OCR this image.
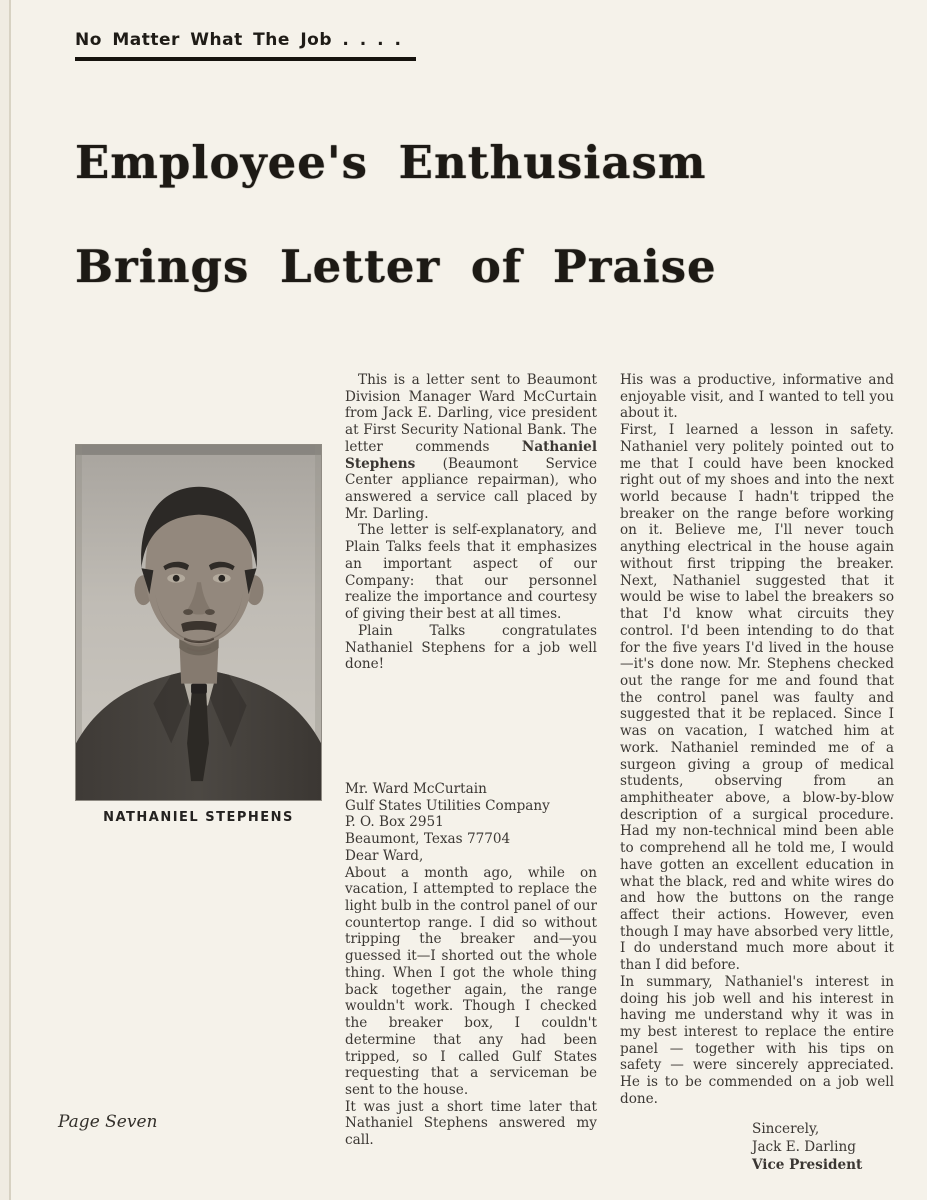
No Matter What The Job . . . .
Employee's Enthusiasm
Brings Letter of Praise
NATHANIEL STEPHENS

This is a letter sent to Beaumont Division Manager Ward McCurtain from Jack E. Darling, vice president at First Security National Bank. The letter commends Nathaniel Stephens (Beaumont Service Center appliance repairman), who answered a service call placed by Mr. Darling.

The letter is self-explanatory, and Plain Talks feels that it emphasizes an important aspect of our Company: that our personnel realize the importance and courtesy of giving their best at all times.

Plain Talks congratulates Nathaniel Stephens for a job well done!

Mr. Ward McCurtain
Gulf States Utilities Company
P. O. Box 2951
Beaumont, Texas 77704
Dear Ward,

About a month ago, while on vacation, I attempted to replace the light bulb in the control panel of our countertop range. I did so without tripping the breaker and—you guessed it—I shorted out the whole thing. When I got the whole thing back together again, the range wouldn't work. Though I checked the breaker box, I couldn't determine that any had been tripped, so I called Gulf States requesting that a serviceman be sent to the house.

It was just a short time later that Nathaniel Stephens answered my call.

His was a productive, informative and enjoyable visit, and I wanted to tell you about it.

First, I learned a lesson in safety. Nathaniel very politely pointed out to me that I could have been knocked right out of my shoes and into the next world because I hadn't tripped the breaker on the range before working on it. Believe me, I'll never touch anything electrical in the house again without first tripping the breaker. Next, Nathaniel suggested that it would be wise to label the breakers so that I'd know what circuits they control. I'd been intending to do that for the five years I'd lived in the house —it's done now. Mr. Stephens checked out the range for me and found that the control panel was faulty and suggested that it be replaced. Since I was on vacation, I watched him at work. Nathaniel reminded me of a surgeon giving a group of medical students, observing from an amphitheater above, a blow-by-blow description of a surgical procedure. Had my non-technical mind been able to comprehend all he told me, I would have gotten an excellent education in what the black, red and white wires do and how the buttons on the range affect their actions. However, even though I may have absorbed very little, I do understand much more about it than I did before.

In summary, Nathaniel's interest in doing his job well and his interest in having me understand why it was in my best interest to replace the entire panel — together with his tips on safety — were sincerely appreciated. He is to be commended on a job well done.

Sincerely,
Jack E. Darling
Vice President
Page Seven
